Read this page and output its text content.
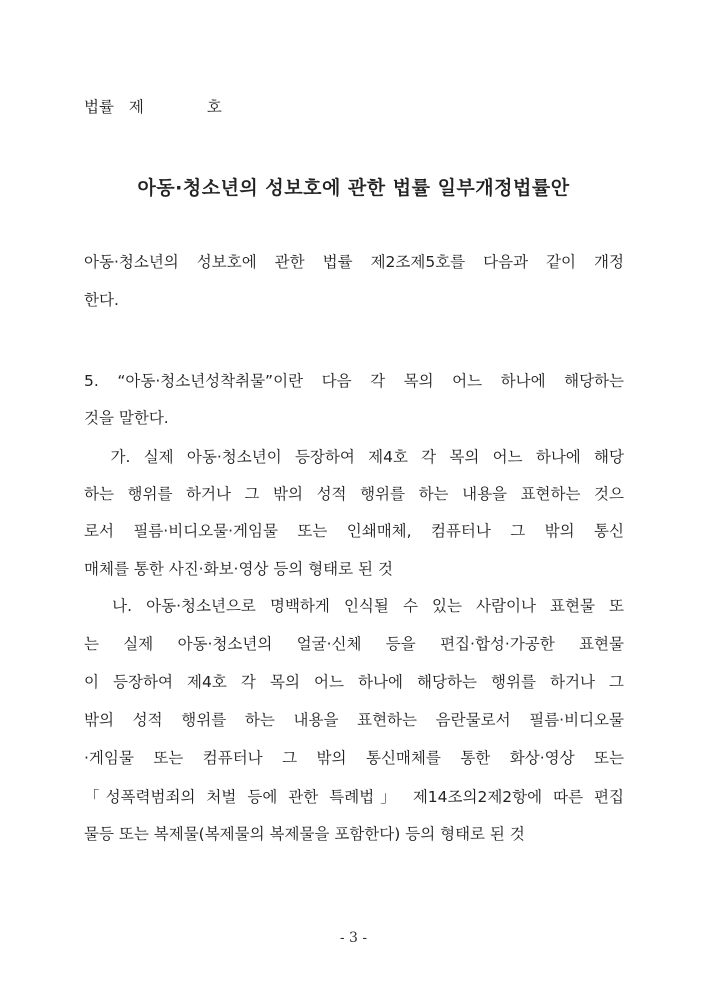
법률 제	호
아동·청소년의 성보호에 관한 법률 일부개정법률안
아동·청소년의 성보호에 관한 법률 제2조제5호를 다음과 같이 개정
한다.
5. “아동·청소년성착취물”이란 다음 각 목의 어느 하나에 해당하는
것을 말한다.
가. 실제 아동·청소년이 등장하여 제4호 각 목의 어느 하나에 해당
하는 행위를 하거나 그 밖의 성적 행위를 하는 내용을 표현하는 것으
로서 필름·비디오물·게임물 또는 인쇄매체, 컴퓨터나 그 밖의 통신
매체를 통한 사진·화보·영상 등의 형태로 된 것
나. 아동·청소년으로 명백하게 인식될 수 있는 사람이나 표현물 또
는 실제 아동·청소년의 얼굴·신체 등을 편집·합성·가공한 표현물
이 등장하여 제4호 각 목의 어느 하나에 해당하는 행위를 하거나 그
밖의 성적 행위를 하는 내용을 표현하는 음란물로서 필름·비디오물
·게임물 또는 컴퓨터나 그 밖의 통신매체를 통한 화상·영상 또는
「성폭력범죄의 처벌 등에 관한 특례법」 제14조의2제2항에 따른 편집
물등 또는 복제물(복제물의 복제물을 포함한다) 등의 형태로 된 것
- 3 -
